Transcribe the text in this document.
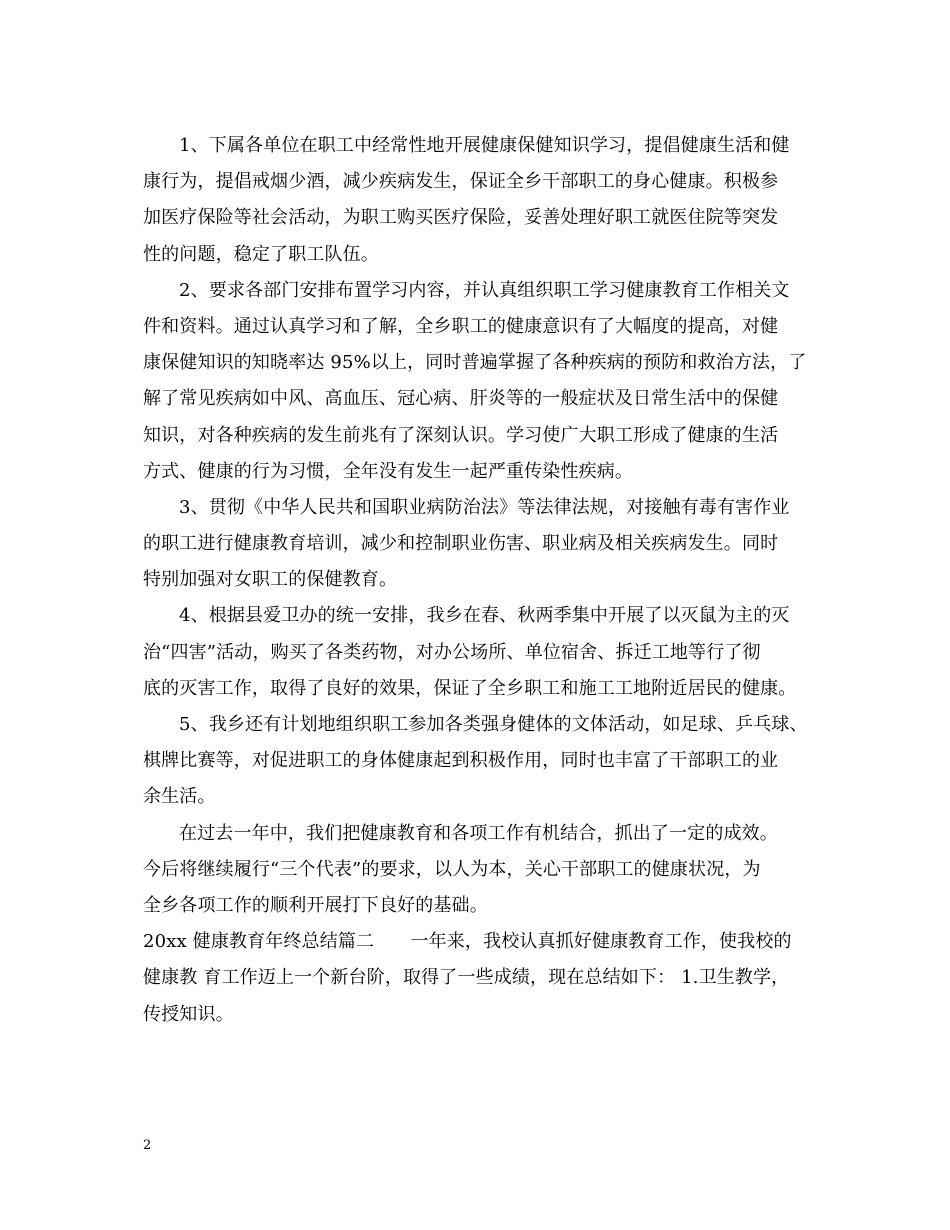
1、下属各单位在职工中经常性地开展健康保健知识学习，提倡健康生活和健
康行为，提倡戒烟少酒，减少疾病发生，保证全乡干部职工的身心健康。积极参
加医疗保险等社会活动，为职工购买医疗保险，妥善处理好职工就医住院等突发
性的问题，稳定了职工队伍。
2、要求各部门安排布置学习内容，并认真组织职工学习健康教育工作相关文
件和资料。通过认真学习和了解，全乡职工的健康意识有了大幅度的提高，对健
康保健知识的知晓率达 95%以上，同时普遍掌握了各种疾病的预防和救治方法，了
解了常见疾病如中风、高血压、冠心病、肝炎等的一般症状及日常生活中的保健
知识，对各种疾病的发生前兆有了深刻认识。学习使广大职工形成了健康的生活
方式、健康的行为习惯，全年没有发生一起严重传染性疾病。
3、贯彻《中华人民共和国职业病防治法》等法律法规，对接触有毒有害作业
的职工进行健康教育培训，减少和控制职业伤害、职业病及相关疾病发生。同时
特别加强对女职工的保健教育。
4、根据县爱卫办的统一安排，我乡在春、秋两季集中开展了以灭鼠为主的灭
治“四害”活动，购买了各类药物，对办公场所、单位宿舍、拆迁工地等行了彻
底的灭害工作，取得了良好的效果，保证了全乡职工和施工工地附近居民的健康。
5、我乡还有计划地组织职工参加各类强身健体的文体活动，如足球、乒乓球、
棋牌比赛等，对促进职工的身体健康起到积极作用，同时也丰富了干部职工的业
余生活。
在过去一年中，我们把健康教育和各项工作有机结合，抓出了一定的成效。
今后将继续履行“三个代表”的要求，以人为本，关心干部职工的健康状况，为
全乡各项工作的顺利开展打下良好的基础。
20xx 健康教育年终总结篇二　　一年来，我校认真抓好健康教育工作，使我校的
健康教 育工作迈上一个新台阶，取得了一些成绩，现在总结如下： 1.卫生教学，
传授知识。
2
